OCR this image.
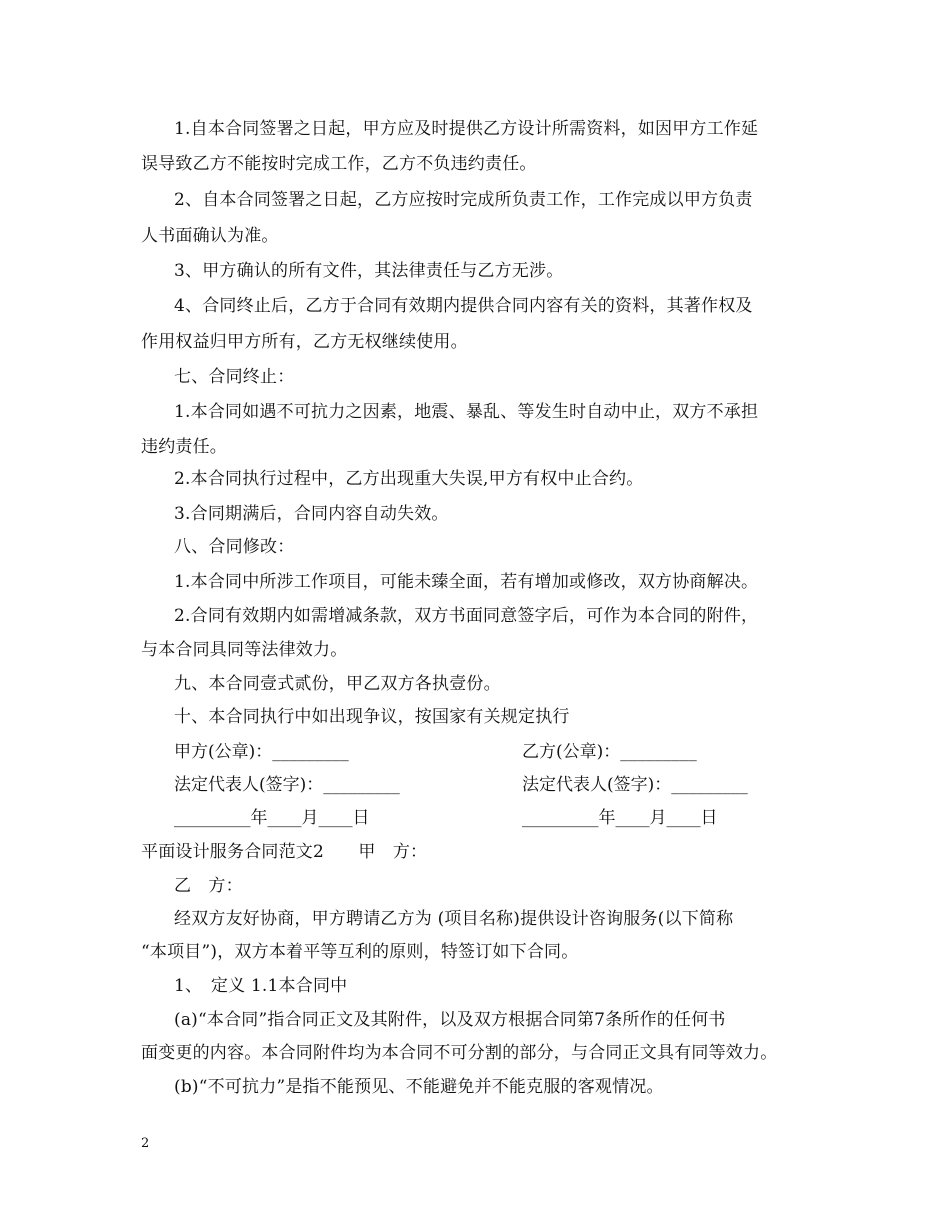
1.自本合同签署之日起，甲方应及时提供乙方设计所需资料，如因甲方工作延
误导致乙方不能按时完成工作，乙方不负违约责任。
2、自本合同签署之日起，乙方应按时完成所负责工作，工作完成以甲方负责
人书面确认为准。
3、甲方确认的所有文件，其法律责任与乙方无涉。
4、合同终止后，乙方于合同有效期内提供合同内容有关的资料，其著作权及
作用权益归甲方所有，乙方无权继续使用。
七、合同终止：
1.本合同如遇不可抗力之因素，地震、暴乱、等发生时自动中止，双方不承担
违约责任。
2.本合同执行过程中，乙方出现重大失误,甲方有权中止合约。
3.合同期满后，合同内容自动失效。
八、合同修改：
1.本合同中所涉工作项目，可能未臻全面，若有增加或修改，双方协商解决。
2.合同有效期内如需增减条款，双方书面同意签字后，可作为本合同的附件，
与本合同具同等法律效力。
九、本合同壹式贰份，甲乙双方各执壹份。
十、本合同执行中如出现争议，按国家有关规定执行
甲方(公章)：_________	乙方(公章)：_________
法定代表人(签字)：_________	法定代表人(签字)：_________
_________年____月____日	_________年____月____日
平面设计服务合同范文2　　甲　方：
乙　方：
经双方友好协商，甲方聘请乙方为 (项目名称)提供设计咨询服务(以下简称
“本项目”)，双方本着平等互利的原则，特签订如下合同。
1、　定义 1.1本合同中
(a)“本合同”指合同正文及其附件，以及双方根据合同第7条所作的任何书
面变更的内容。本合同附件均为本合同不可分割的部分，与合同正文具有同等效力。
(b)“不可抗力”是指不能预见、不能避免并不能克服的客观情况。
2
